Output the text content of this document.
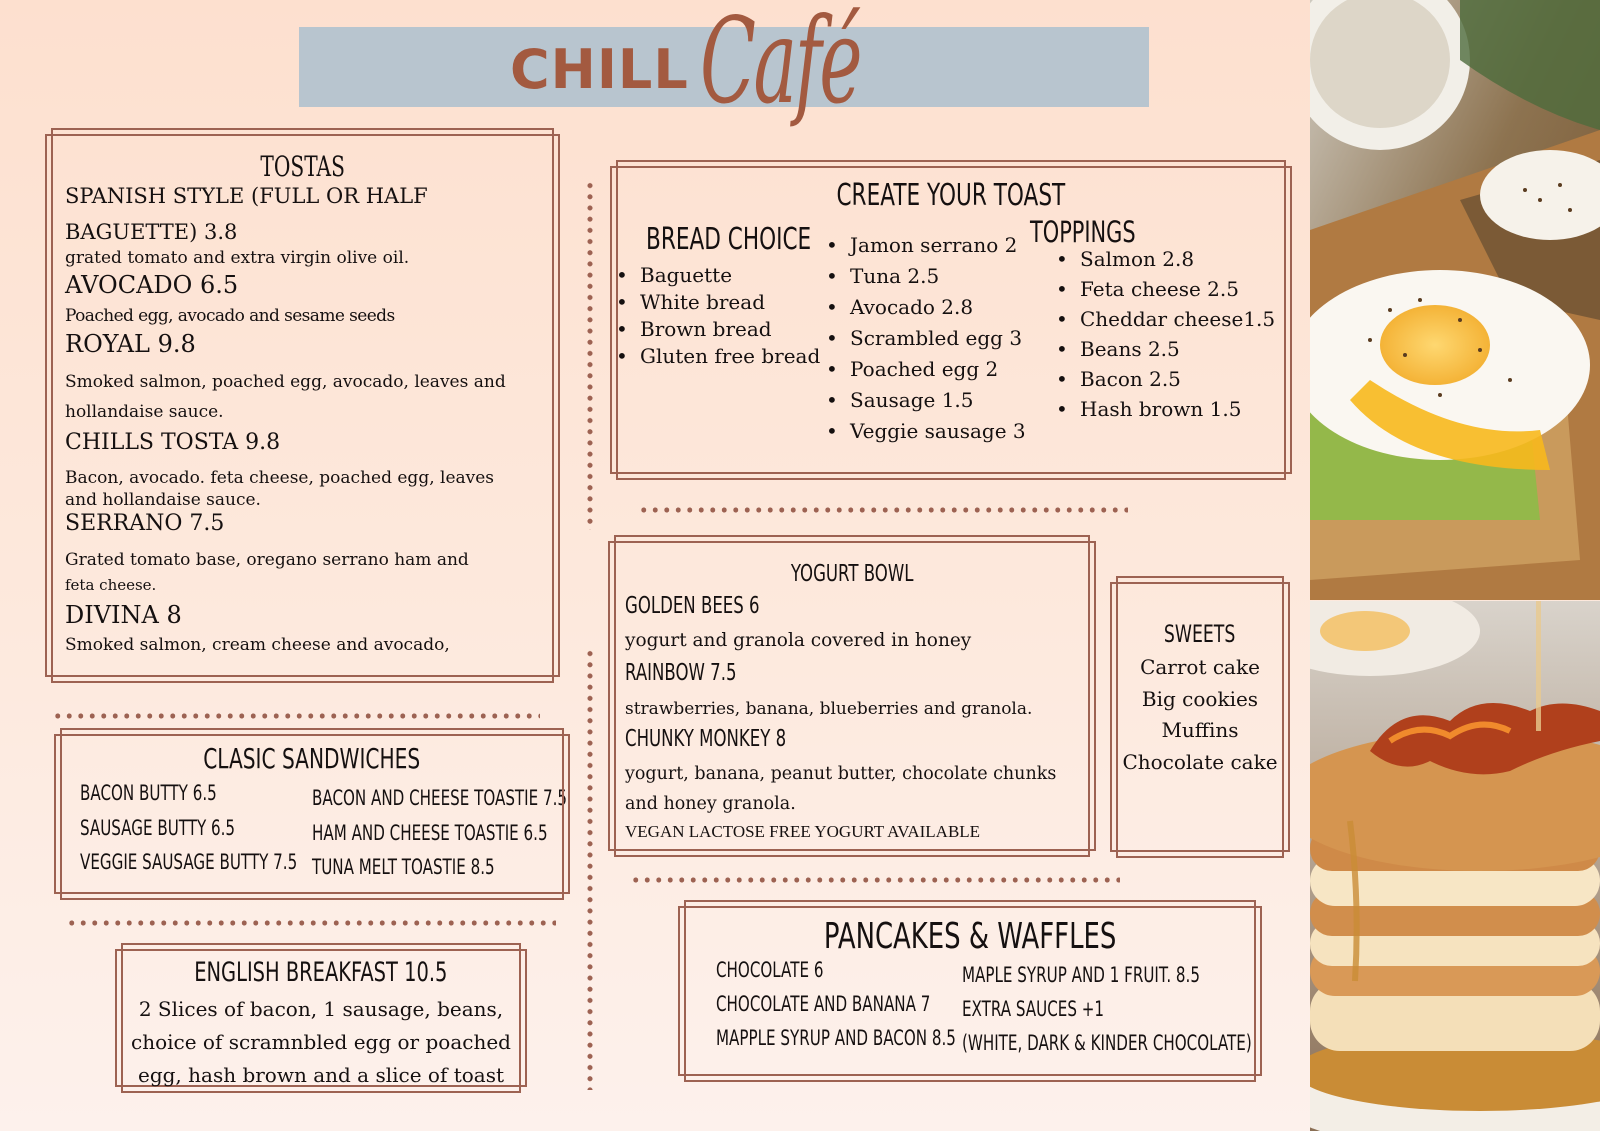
CHILL Café
TOSTAS
SPANISH STYLE (FULL OR HALF
BAGUETTE) 3.8
grated tomato and extra virgin olive oil.
AVOCADO 6.5
Poached egg, avocado and sesame seeds
ROYAL 9.8
Smoked salmon, poached egg, avocado, leaves and
hollandaise sauce.
CHILLS TOSTA 9.8
Bacon, avocado. feta cheese, poached egg, leaves
and hollandaise sauce.
SERRANO 7.5
Grated tomato base, oregano serrano ham and
feta cheese.
DIVINA 8
Smoked salmon, cream cheese and avocado,
CLASIC SANDWICHES
BACON BUTTY 6.5
SAUSAGE BUTTY 6.5
VEGGIE SAUSAGE BUTTY 7.5
BACON AND CHEESE TOASTIE 7.5
HAM AND CHEESE TOASTIE 6.5
TUNA MELT TOASTIE 8.5
ENGLISH BREAKFAST 10.5
2 Slices of bacon, 1 sausage, beans,
choice of scramnbled egg or poached
egg, hash brown and a slice of toast
CREATE YOUR TOAST
BREAD CHOICE	TOPPINGS
• Baguette
• White bread
• Brown bread
• Gluten free bread
• Jamon serrano 2
• Tuna 2.5
• Avocado 2.8
• Scrambled egg 3
• Poached egg 2
• Sausage 1.5
• Veggie sausage 3
• Salmon 2.8
• Feta cheese 2.5
• Cheddar cheese1.5
• Beans 2.5
• Bacon 2.5
• Hash brown 1.5
YOGURT BOWL
GOLDEN BEES 6
yogurt and granola covered in honey
RAINBOW 7.5
strawberries, banana, blueberries and granola.
CHUNKY MONKEY 8
yogurt, banana, peanut butter, chocolate chunks
and honey granola.
VEGAN LACTOSE FREE YOGURT AVAILABLE
SWEETS
Carrot cake
Big cookies
Muffins
Chocolate cake
PANCAKES & WAFFLES
CHOCOLATE 6
CHOCOLATE AND BANANA 7
MAPPLE SYRUP AND BACON 8.5
MAPLE SYRUP AND 1 FRUIT. 8.5
EXTRA SAUCES +1
(WHITE, DARK & KINDER CHOCOLATE)
